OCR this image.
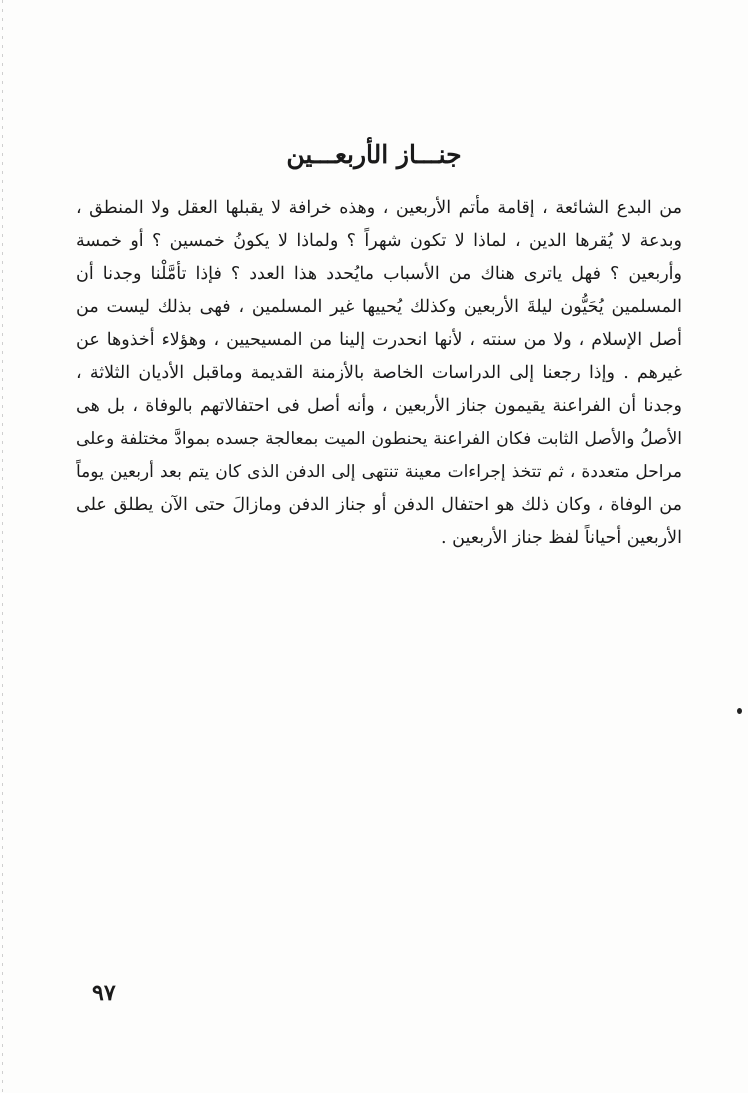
جنـــاز الأربعـــين
من البدع الشائعة ، إقامة مأتم الأربعين ، وهذه خرافة لا يقبلها العقل ولا المنطق ،
وبدعة لا يُقرها الدين ، لماذا لا تكون شهراً ؟ ولماذا لا يكونُ خمسين ؟ أو خمسة
وأربعين ؟ فهل ياترى هناك من الأسباب مايُحدد هذا العدد ؟ فإذا تأمَّلْنا وجدنا أن
المسلمين يُحَيُّون ليلةَ الأربعين وكذلك يُحييها غير المسلمين ، فهى بذلك ليست من
أصل الإسلام ، ولا من سنته ، لأنها انحدرت إلينا من المسيحيين ، وهؤلاء أخذوها عن
غيرهم . وإذا رجعنا إلى الدراسات الخاصة بالأزمنة القديمة وماقبل الأديان الثلاثة ،
وجدنا أن الفراعنة يقيمون جناز الأربعين ، وأنه أصل فى احتفالاتهم بالوفاة ، بل هى
الأصلُ والأصل الثابت فكان الفراعنة يحنطون الميت بمعالجة جسده بموادَّ مختلفة وعلى
مراحل متعددة ، ثم تتخذ إجراءات معينة تنتهى إلى الدفن الذى كان يتم بعد أربعين يوماً
من الوفاة ، وكان ذلك هو احتفال الدفن أو جناز الدفن ومازالَ حتى الآن يطلق على
الأربعين أحياناً لفظ جناز الأربعين .
٩٧
